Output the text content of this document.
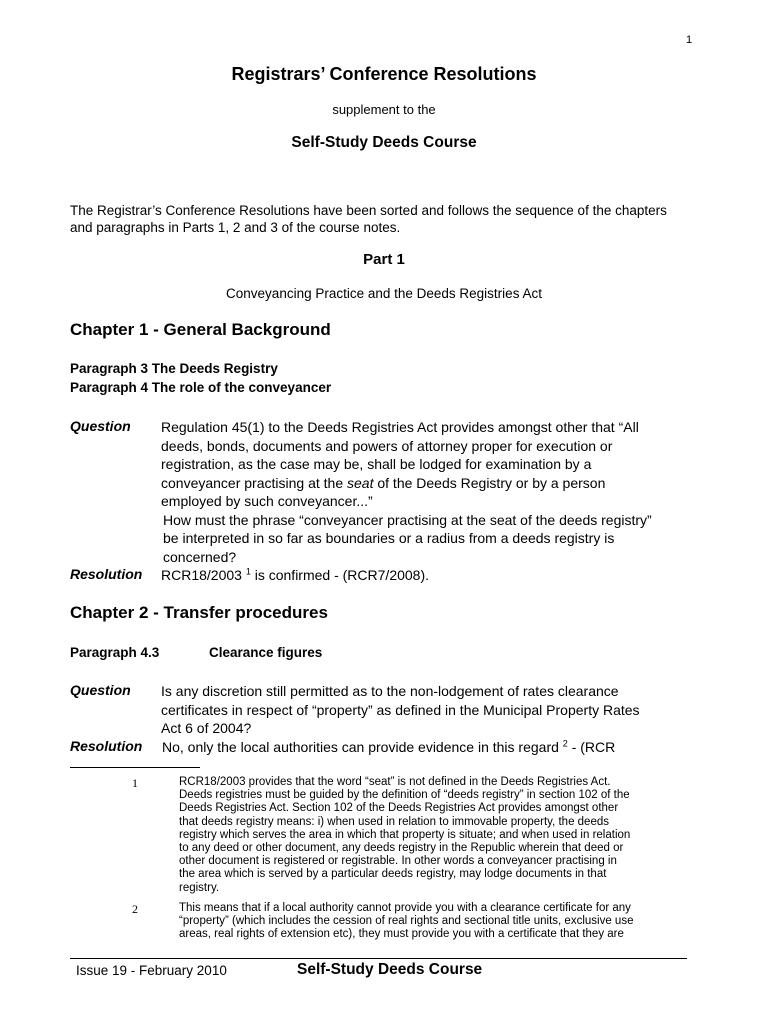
1
Registrars’ Conference Resolutions
supplement to the
Self-Study Deeds Course
The Registrar’s Conference Resolutions have been sorted and follows the sequence of the chapters and paragraphs in Parts 1, 2 and 3 of the course notes.
Part 1
Conveyancing Practice and the Deeds Registries Act
Chapter 1 - General Background
Paragraph 3 The Deeds Registry
Paragraph 4 The role of the conveyancer
Question Regulation 45(1) to the Deeds Registries Act provides amongst other that “All
deeds, bonds, documents and powers of attorney proper for execution or
registration, as the case may be, shall be lodged for examination by a
conveyancer practising at the seat of the Deeds Registry or by a person
employed by such conveyancer...”
How must the phrase “conveyancer practising at the seat of the deeds registry”
be interpreted in so far as boundaries or a radius from a deeds registry is
concerned?
Resolution RCR18/2003 $^1$ is confirmed - (RCR7/2008).
Chapter 2 - Transfer procedures
Paragraph 4.3	Clearance figures
Question Is any discretion still permitted as to the non-lodgement of rates clearance
certificates in respect of “property” as defined in the Municipal Property Rates
Act 6 of 2004?
Resolution No, only the local authorities can provide evidence in this regard $^2$ - (RCR
1	RCR18/2003 provides that the word “seat” is not defined in the Deeds Registries Act.
Deeds registries must be guided by the definition of “deeds registry” in section 102 of the
Deeds Registries Act. Section 102 of the Deeds Registries Act provides amongst other
that deeds registry means: i) when used in relation to immovable property, the deeds
registry which serves the area in which that property is situate; and when used in relation
to any deed or other document, any deeds registry in the Republic wherein that deed or
other document is registered or registrable. In other words a conveyancer practising in
the area which is served by a particular deeds registry, may lodge documents in that
registry.
2	This means that if a local authority cannot provide you with a clearance certificate for any
“property” (which includes the cession of real rights and sectional title units, exclusive use
areas, real rights of extension etc), they must provide you with a certificate that they are
Issue 19 - February 2010	Self-Study Deeds Course
